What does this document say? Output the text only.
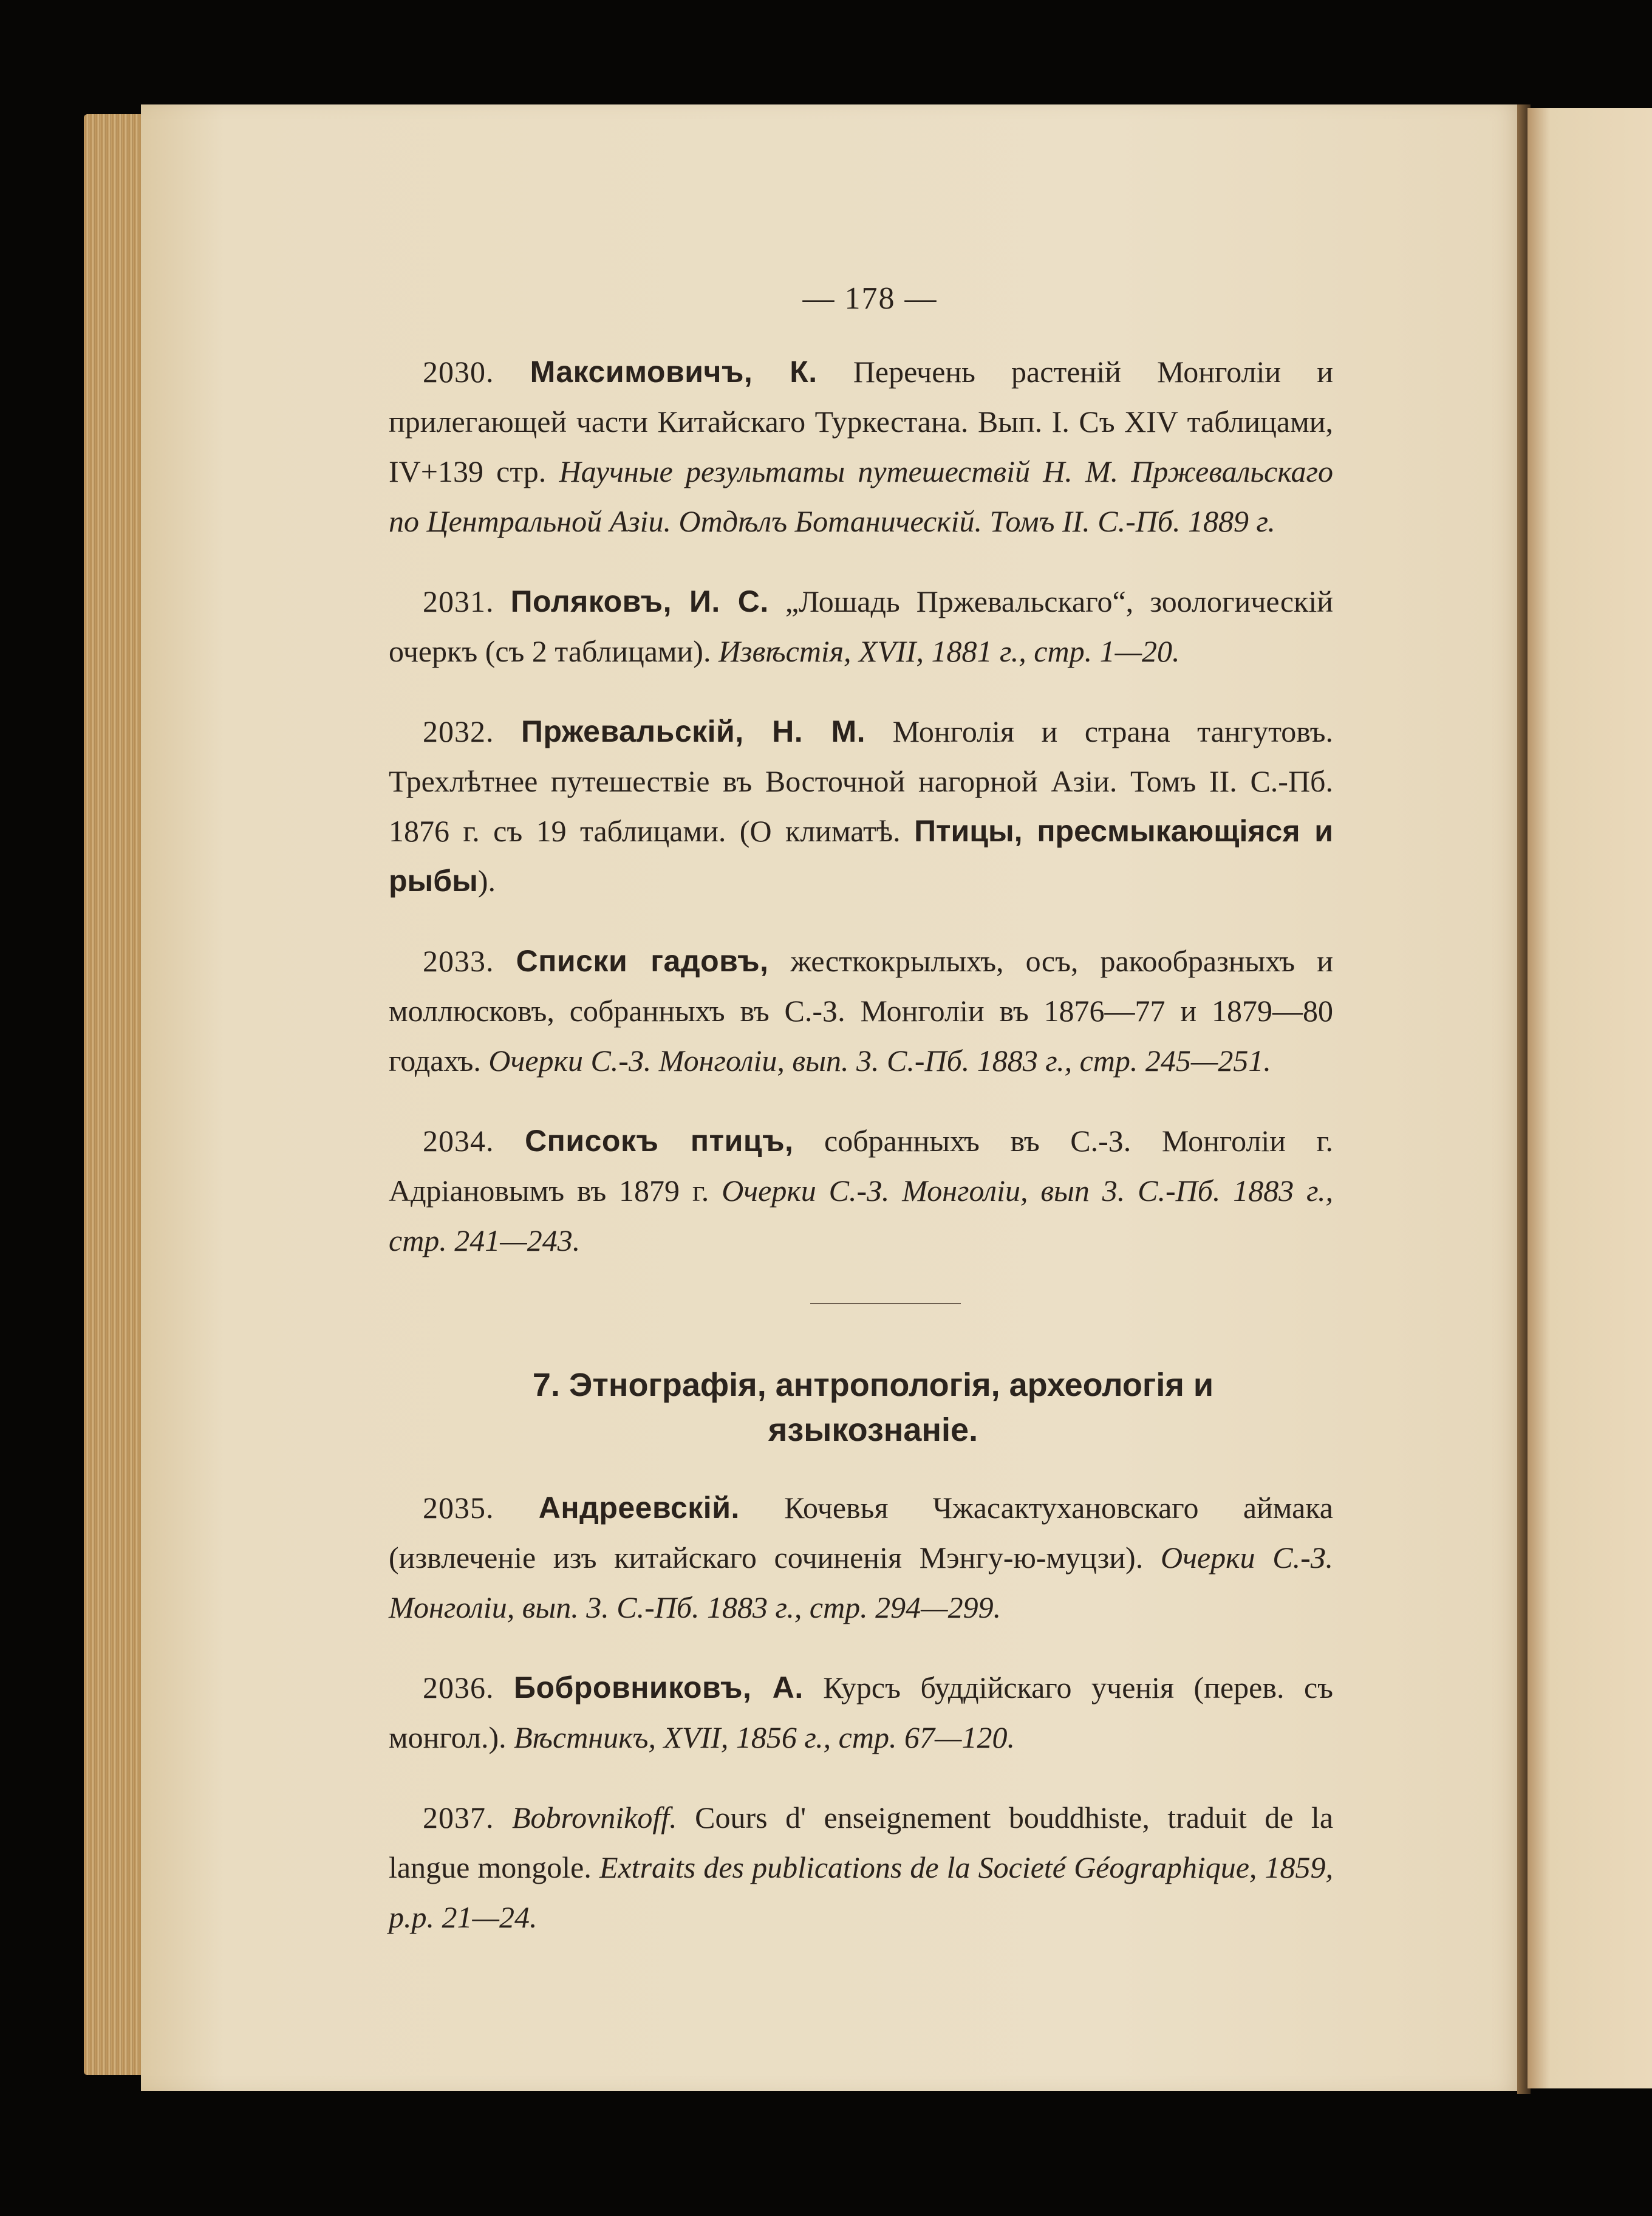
— 178 —

2030. Максимовичъ, К. Перечень растеній Монголіи и прилегающей части Китайскаго Туркестана. Вып. I. Съ XIV таблицами, IV+139 стр. Научные результаты путешествій Н. М. Пржевальскаго по Центральной Азіи. Отдѣлъ Ботаническій. Томъ II. С.-Пб. 1889 г.

2031. Поляковъ, И. С. „Лошадь Пржевальскаго“, зоологическій очеркъ (съ 2 таблицами). Извѣстія, XVII, 1881 г., стр. 1—20.

2032. Пржевальскій, Н. М. Монголія и страна тангутовъ. Трехлѣтнее путешествіе въ Восточной нагорной Азіи. Томъ II. С.-Пб. 1876 г. съ 19 таблицами. (О климатѣ. Птицы, пресмыкающіяся и рыбы).

2033. Списки гадовъ, жесткокрылыхъ, осъ, ракообразныхъ и моллюсковъ, собранныхъ въ С.-З. Монголіи въ 1876—77 и 1879—80 годахъ. Очерки С.-З. Монголіи, вып. 3. С.-Пб. 1883 г., стр. 245—251.

2034. Списокъ птицъ, собранныхъ въ С.-З. Монголіи г. Адріановымъ въ 1879 г. Очерки С.-З. Монголіи, вып 3. С.-Пб. 1883 г., стр. 241—243.

7. Этнографія, антропологія, археологія и
языкознаніе.

2035. Андреевскій. Кочевья Чжасактухановскаго аймака (извлеченіе изъ китайскаго сочиненія Мэнгу-ю-муцзи). Очерки С.-З. Монголіи, вып. 3. С.-Пб. 1883 г., стр. 294—299.

2036. Бобровниковъ, А. Курсъ буддійскаго ученія (перев. съ монгол.). Вѣстникъ, XVII, 1856 г., стр. 67—120.

2037. Bobrovnikoff. Cours d' enseignement bouddhiste, traduit de la langue mongole. Extraits des publications de la Societé Géographique, 1859, p.p. 21—24.
